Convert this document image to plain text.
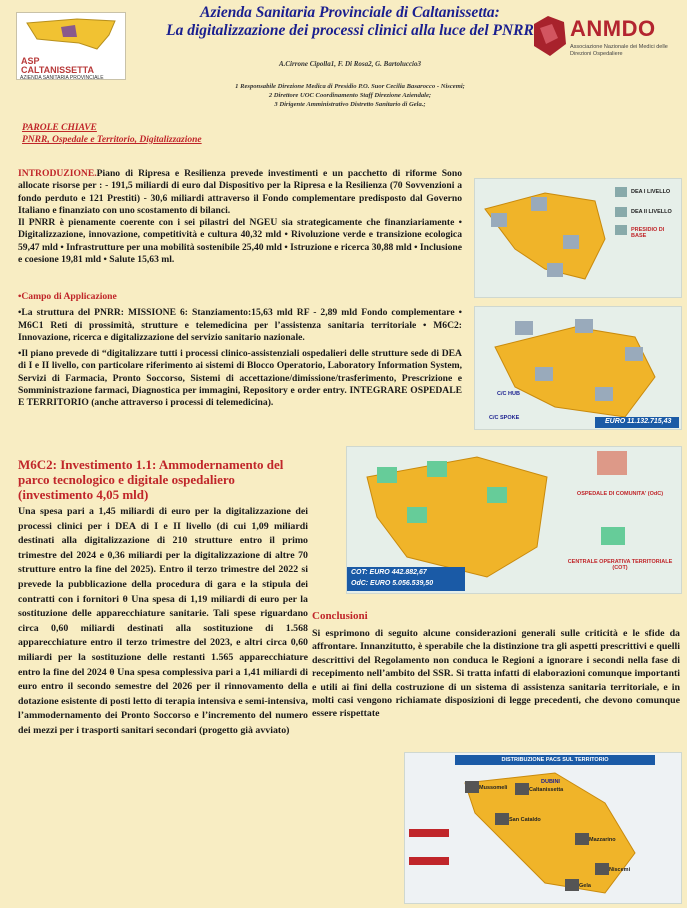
ASP
CALTANISSETTA
AZIENDA SANITARIA PROVINCIALE
Azienda Sanitaria Provinciale di Caltanissetta:
La digitalizzazione dei processi clinici alla luce del PNRR
A.Cirrone Cipolla1, F. Di Rosa2, G. Bartoluccio3
1 Responsabile Direzione Medica di Presidio P.O. Suor Cecilia Basarocco - Niscemi;
2 Direttore UOC Coordinamento Staff Direzione Aziendale;
3 Dirigente Amministrativo Distretto Sanitario di Gela.;
ANMDO
Associazione Nazionale dei Medici delle Direzioni Ospedaliere
PAROLE CHIAVE
PNRR, Ospedale e Territorio, Digitalizzazione
INTRODUZIONE.Piano di Ripresa e Resilienza prevede investimenti e un pacchetto di riforme Sono allocate risorse per : - 191,5 miliardi di euro dal Dispositivo per la Ripresa e la Resilienza (70 Sovvenzioni a fondo perduto e 121 Prestiti) - 30,6 miliardi attraverso il Fondo complementare predisposto dal Governo Italiano e finanziato con uno scostamento di bilanci.
Il PNRR è pienamente coerente con i sei pilastri del NGEU sia strategicamente che finanziariamente • Digitalizzazione, innovazione, competitività e cultura 40,32 mld • Rivoluzione verde e transizione ecologica 59,47 mld • Infrastrutture per una mobilità sostenibile 25,40 mld • Istruzione e ricerca 30,88 mld • Inclusione e coesione 19,81 mld • Salute 15,63 ml.
•Campo di Applicazione
•La struttura del PNRR: MISSIONE 6: Stanziamento:15,63 mld RF - 2,89 mld Fondo complementare • M6C1 Reti di prossimità, strutture e telemedicina per l’assistenza sanitaria territoriale • M6C2: Innovazione, ricerca e digitalizzazione del servizio sanitario nazionale.
•Il piano prevede di “digitalizzare tutti i processi clinico-assistenziali ospedalieri delle strutture sede di DEA di I e II livello, con particolare riferimento ai sistemi di Blocco Operatorio, Laboratory Information System, Servizi di Farmacia, Pronto Soccorso, Sistemi di accettazione/dimissione/trasferimento, Prescrizione e Somministrazione farmaci, Diagnostica per immagini, Repository e order entry. INTEGRARE OSPEDALE E TERRITORIO (anche attraverso i processi di telemedicina).
M6C2: Investimento 1.1: Ammodernamento del parco tecnologico e digitale ospedaliero (investimento 4,05 mld)
Una spesa pari a 1,45 miliardi di euro per la digitalizzazione dei processi clinici per i DEA di I e II livello (di cui 1,09 miliardi destinati alla digitalizzazione di 210 strutture entro il primo trimestre del 2024 e 0,36 miliardi per la digitalizzazione di altre 70 strutture entro la fine del 2025). Entro il terzo trimestre del 2022 si prevede la pubblicazione della procedura di gara e la stipula dei contratti con i fornitori θ Una spesa di 1,19 miliardi di euro per la sostituzione delle apparecchiature sanitarie. Tali spese riguardano circa 0,60 miliardi destinati alla sostituzione di 1.568 apparecchiature entro il terzo trimestre del 2023, e altri circa 0,60 miliardi per la sostituzione delle restanti 1.565 apparecchiature entro la fine del 2024 θ Una spesa complessiva pari a 1,41 miliardi di euro entro il secondo semestre del 2026 per il rinnovamento della dotazione esistente di posti letto di terapia intensiva e semi-intensiva, l’ammodernamento dei Pronto Soccorso e l’incremento del numero dei mezzi per i trasporti sanitari secondari (progetto già avviato)
Conclusioni
Si esprimono di seguito alcune considerazioni generali sulle criticità e le sfide da affrontare. Innanzitutto, è sperabile che la distinzione tra gli aspetti prescrittivi e quelli descrittivi del Regolamento non conduca le Regioni a ignorare i secondi nella fase di recepimento nell’ambito del SSR. Si tratta infatti di elaborazioni comunque importanti e utili ai fini della costruzione di un sistema di assistenza sanitaria territoriale, e in molti casi vengono richiamate disposizioni di legge precedenti, che devono comunque essere rispettate
DEA I LIVELLO
DEA II LIVELLO
PRESIDIO DI BASE
C/C HUB
C/C SPOKE	EURO 11.132.715,43
OSPEDALE DI COMUNITA' (OdC)
CENTRALE OPERATIVA TERRITORIALE (COT)
COT: EURO 442.882,67
OdC: EURO 5.056.539,50
DISTRIBUZIONE PACS SUL TERRITORIO
Mussomeli	Caltanissetta
San Cataldo
Mazzarino
Niscemi
Gela
DUBINI
